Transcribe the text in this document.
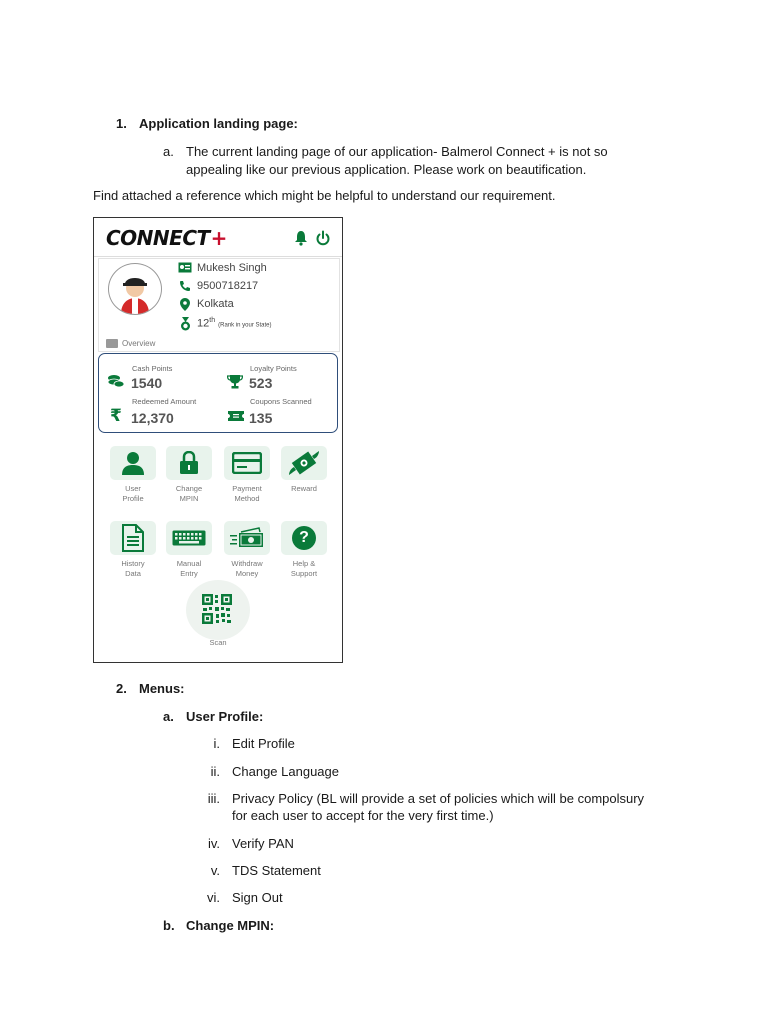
1. Application landing page:
a. The current landing page of our application- Balmerol Connect + is not so
appealing like our previous application. Please work on beautification.
Find attached a reference which might be helpful to understand our requirement.
CONNECT+
Mukesh Singh
9500718217
Kolkata
12th (Rank in your State)
Overview
Cash Points
1540
Loyalty Points
523
₹
Redeemed Amount
12,370
Coupons Scanned
135
User
Profile
Change
MPIN
Payment
Method
Reward
History
Data
Manual
Entry
Withdraw
Money
?
Help &
Support
Scan
2. Menus:
a. User Profile:
i. Edit Profile
ii. Change Language
iii. Privacy Policy (BL will provide a set of policies which will be compolsury
for each user to accept for the very first time.)
iv. Verify PAN
v. TDS Statement
vi. Sign Out
b. Change MPIN:
